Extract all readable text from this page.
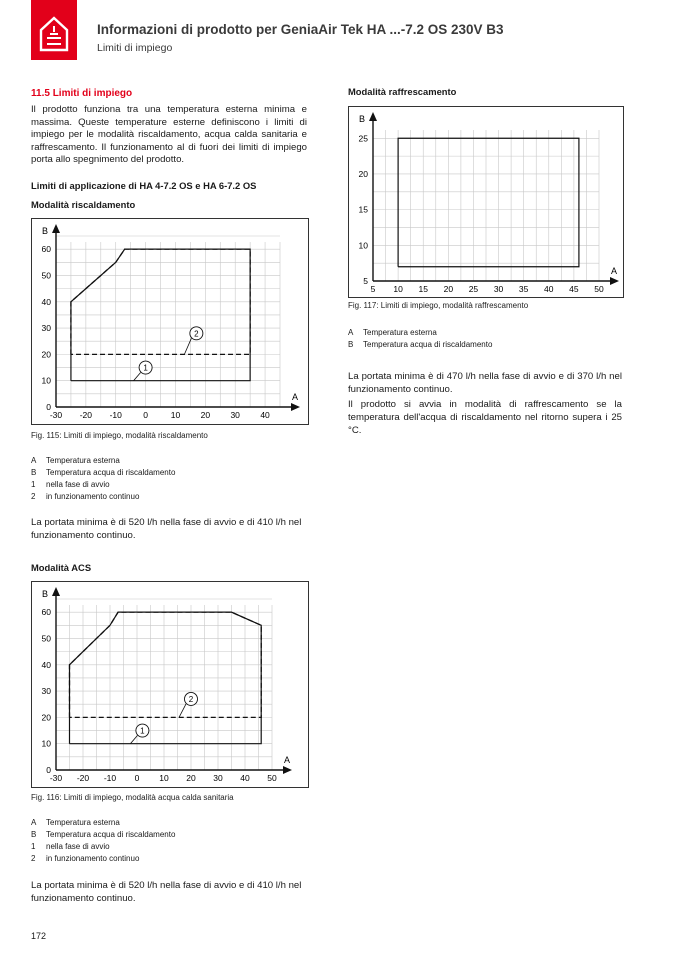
Informazioni di prodotto per GeniaAir Tek HA ...-7.2 OS 230V B3
Limiti di impiego
11.5 Limiti di impiego
Il prodotto funziona tra una temperatura esterna minima e massima. Queste temperature esterne definiscono i limiti di impiego per le modalità riscaldamento, acqua calda sanitaria e raffrescamento. Il funzionamento al di fuori dei limiti di impiego porta allo spegnimento del prodotto.
Limiti di applicazione di HA 4-7.2 OS e HA 6-7.2 OS
Modalità riscaldamento
A
B
-30 -20 -10	0	10 20 30 40
0
10
20
30
40
50
60
1
2
Fig. 115: Limiti di impiego, modalità riscaldamento
A Temperatura esterna
B Temperatura acqua di riscaldamento
1 nella fase di avvio
2 in funzionamento continuo
La portata minima è di 520 l/h nella fase di avvio e di 410 l/h nel funzionamento continuo.
Modalità ACS
A
B
-30 -20 -10 0 10 20 30 40 50
0
10
20
30
40
50
60
1
2
Fig. 116: Limiti di impiego, modalità acqua calda sanitaria
A Temperatura esterna
B Temperatura acqua di riscaldamento
1 nella fase di avvio
2 in funzionamento continuo
La portata minima è di 520 l/h nella fase di avvio e di 410 l/h nel funzionamento continuo.
Modalità raffrescamento
A
B
5 10 15 20 25 30 35 40 45 50
5
10
15
20
25
Fig. 117: Limiti di impiego, modalità raffrescamento
A Temperatura esterna
B Temperatura acqua di riscaldamento
La portata minima è di 470 l/h nella fase di avvio e di 370 l/h nel funzionamento continuo.
Il prodotto si avvia in modalità di raffrescamento se la temperatura dell'acqua di riscaldamento nel ritorno supera i 25 °C.
172
